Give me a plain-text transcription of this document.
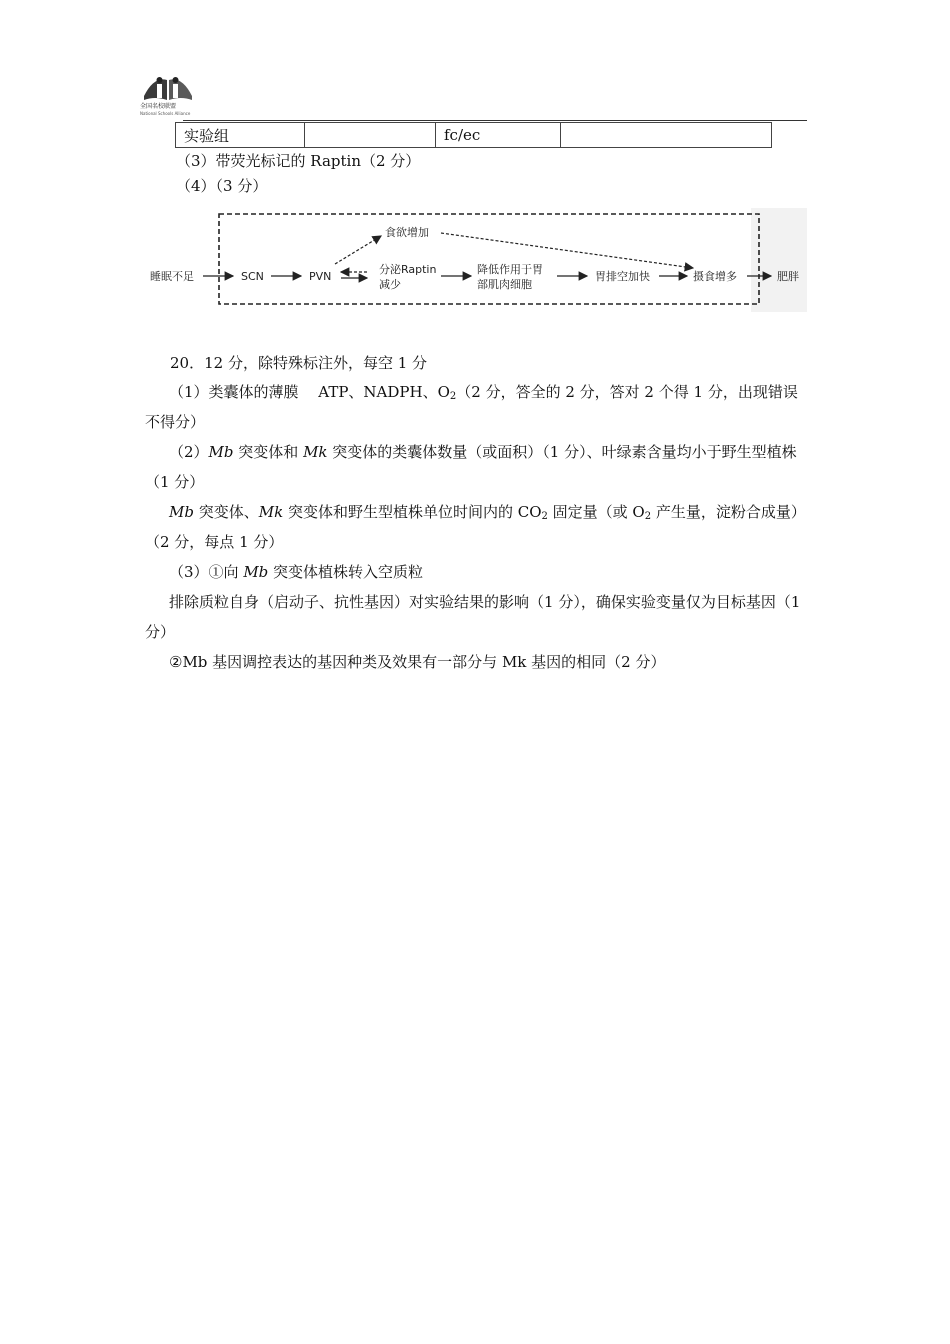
全国名校联盟
National Schools Alliance
实验组		fc/ec	
（3）带荧光标记的 Raptin（2 分）
（4）（3 分）
睡眠不足	SCN	PVN
分泌Raptin
减少
降低作用于胃
部肌肉细胞
胃排空加快	摄食增多	肥胖
食欲增加
20．12 分，除特殊标注外，每空 1 分
（1）类囊体的薄膜　 ATP、NADPH、$O_2(2$ 分，答全的 2 分，答对 2 个得 1 分，出现错误不得分）
（2）Mb 突变体和 Mk 突变体的类囊体数量（或面积）（1 分）、叶绿素含量均小于野生型植株（1 分）
Mb 突变体、Mk 突变体和野生型植株单位时间内的 $CO_2$ 固定量（或 $O_2$ 产生量，淀粉合成量）（2 分，每点 1 分）
（3）①向 Mb 突变体植株转入空质粒
排除质粒自身（启动子、抗性基因）对实验结果的影响（1 分），确保实验变量仅为目标基因（1 分）
②Mb 基因调控表达的基因种类及效果有一部分与 Mk 基因的相同（2 分）
